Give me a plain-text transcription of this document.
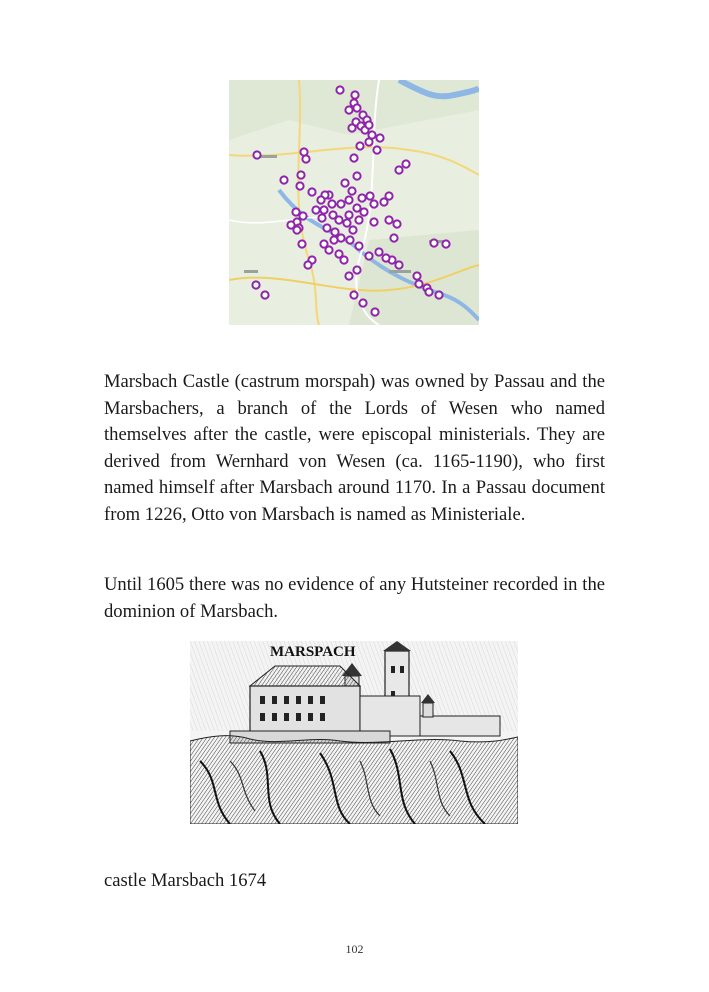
Marsbach Castle (castrum morspah) was owned by Passau and the Marsbachers, a branch of the Lords of Wesen who named themselves after the castle, were episcopal ministerials. They are derived from Wernhard von Wesen (ca. 1165-1190), who first named himself after Marsbach around 1170. In a Passau document from 1226, Otto von Marsbach is named as Ministeriale.

Until 1605 there was no evidence of any Hutsteiner recorded in the dominion of Marsbach.

MARSPACH

castle Marsbach 1674

102
